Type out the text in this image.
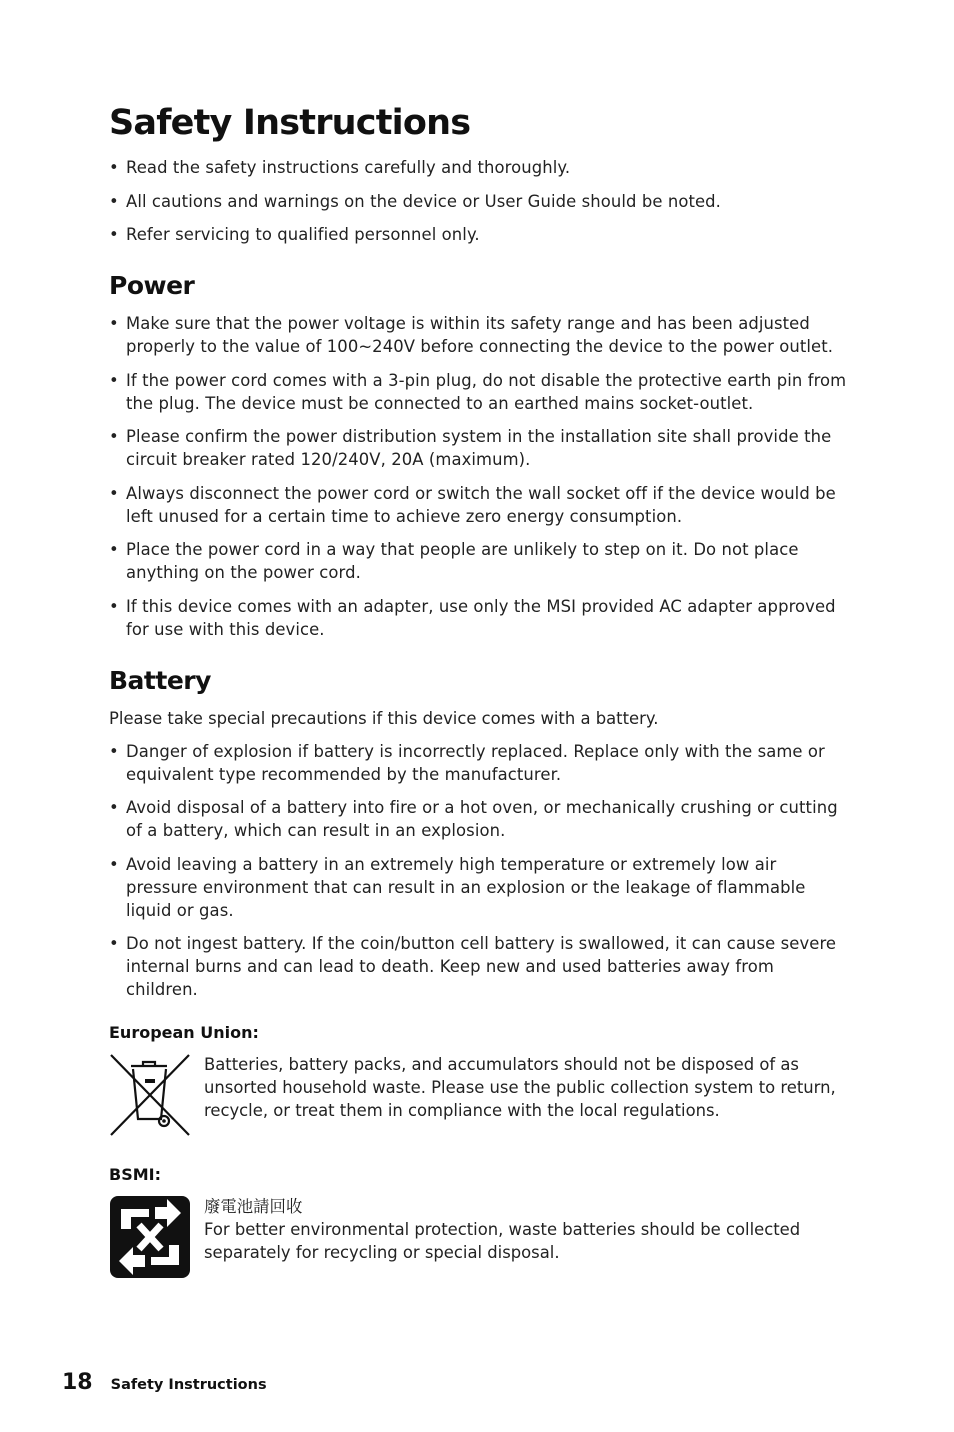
Safety Instructions
• Read the safety instructions carefully and thoroughly.
• All cautions and warnings on the device or User Guide should be noted.
• Refer servicing to qualified personnel only.
Power
• Make sure that the power voltage is within its safety range and has been adjusted properly to the value of 100~240V before connecting the device to the power outlet.
• If the power cord comes with a 3-pin plug, do not disable the protective earth pin from the plug. The device must be connected to an earthed mains socket-outlet.
• Please confirm the power distribution system in the installation site shall provide the circuit breaker rated 120/240V, 20A (maximum).
• Always disconnect the power cord or switch the wall socket off if the device would be left unused for a certain time to achieve zero energy consumption.
• Place the power cord in a way that people are unlikely to step on it. Do not place anything on the power cord.
• If this device comes with an adapter, use only the MSI provided AC adapter approved for use with this device.
Battery

Please take special precautions if this device comes with a battery.

• Danger of explosion if battery is incorrectly replaced. Replace only with the same or equivalent type recommended by the manufacturer.
• Avoid disposal of a battery into fire or a hot oven, or mechanically crushing or cutting of a battery, which can result in an explosion.
• Avoid leaving a battery in an extremely high temperature or extremely low air pressure environment that can result in an explosion or the leakage of flammable liquid or gas.
• Do not ingest battery. If the coin/button cell battery is swallowed, it can cause severe internal burns and can lead to death. Keep new and used batteries away from children.
European Union:
Batteries, battery packs, and accumulators should not be disposed of as unsorted household waste. Please use the public collection system to return, recycle, or treat them in compliance with the local regulations.
BSMI:
廢電池請回收
For better environmental protection, waste batteries should be collected separately for recycling or special disposal.
18 Safety Instructions
